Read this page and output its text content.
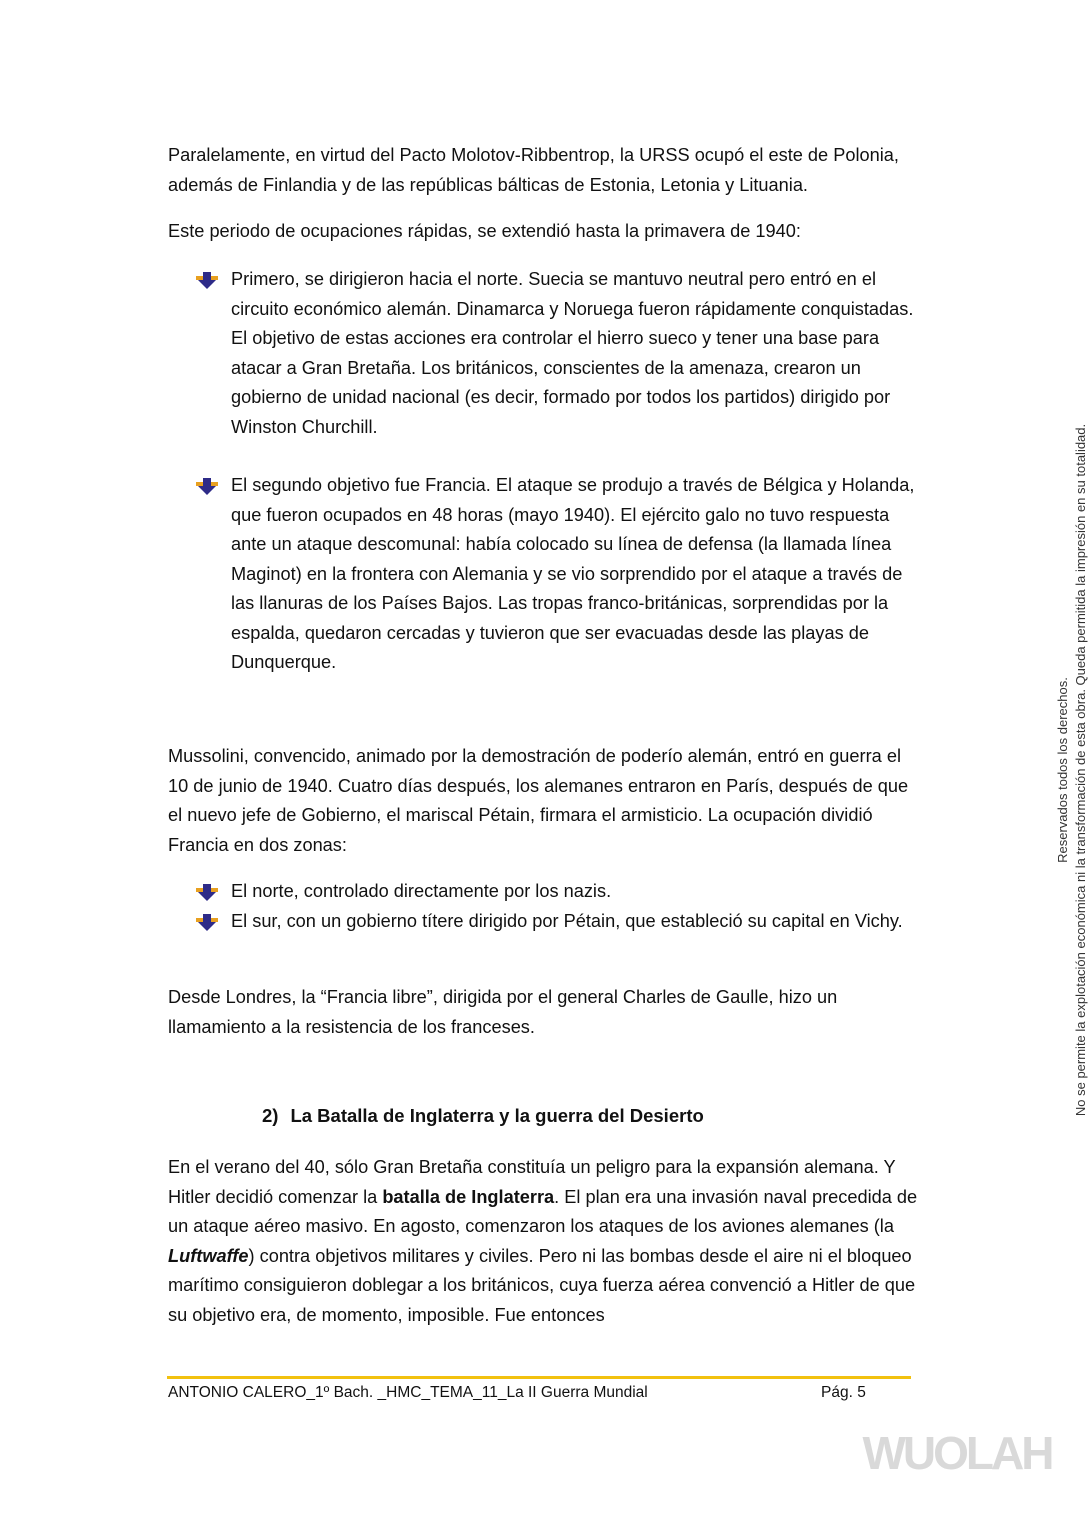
Paralelamente, en virtud del Pacto Molotov-Ribbentrop, la URSS ocupó el este de Polonia, además de Finlandia y de las repúblicas bálticas de Estonia, Letonia y Lituania.

Este periodo de ocupaciones rápidas, se extendió hasta la primavera de 1940:

Primero, se dirigieron hacia el norte. Suecia se mantuvo neutral pero entró en el circuito económico alemán. Dinamarca y Noruega fueron rápidamente conquistadas. El objetivo de estas acciones era controlar el hierro sueco y tener una base para atacar a Gran Bretaña. Los británicos, conscientes de la amenaza, crearon un gobierno de unidad nacional (es decir, formado por todos los partidos) dirigido por Winston Churchill.
El segundo objetivo fue Francia. El ataque se produjo a través de Bélgica y Holanda, que fueron ocupados en 48 horas (mayo 1940). El ejército galo no tuvo respuesta ante un ataque descomunal: había colocado su línea de defensa (la llamada línea Maginot) en la frontera con Alemania y se vio sorprendido por el ataque a través de las llanuras de los Países Bajos. Las tropas franco-británicas, sorprendidas por la espalda, quedaron cercadas y tuvieron que ser evacuadas desde las playas de Dunquerque.

Mussolini, convencido, animado por la demostración de poderío alemán, entró en guerra el 10 de junio de 1940. Cuatro días después, los alemanes entraron en París, después de que el nuevo jefe de Gobierno, el mariscal Pétain, firmara el armisticio. La ocupación dividió Francia en dos zonas:

El norte, controlado directamente por los nazis.
El sur, con un gobierno títere dirigido por Pétain, que estableció su capital en Vichy.

Desde Londres, la “Francia libre”, dirigida por el general Charles de Gaulle, hizo un llamamiento a la resistencia de los franceses.

2) La Batalla de Inglaterra y la guerra del Desierto

En el verano del 40, sólo Gran Bretaña constituía un peligro para la expansión alemana. Y Hitler decidió comenzar la batalla de Inglaterra. El plan era una invasión naval precedida de un ataque aéreo masivo. En agosto, comenzaron los ataques de los aviones alemanes (la Luftwaffe) contra objetivos militares y civiles. Pero ni las bombas desde el aire ni el bloqueo marítimo consiguieron doblegar a los británicos, cuya fuerza aérea convenció a Hitler de que su objetivo era, de momento, imposible. Fue entonces

ANTONIO CALERO_1º Bach. _HMC_TEMA_11_La II Guerra Mundial	Pág. 5
Reservados todos los derechos. No se permite la explotación económica ni la transformación de esta obra. Queda permitida la impresión en su totalidad.
WUOLAH
